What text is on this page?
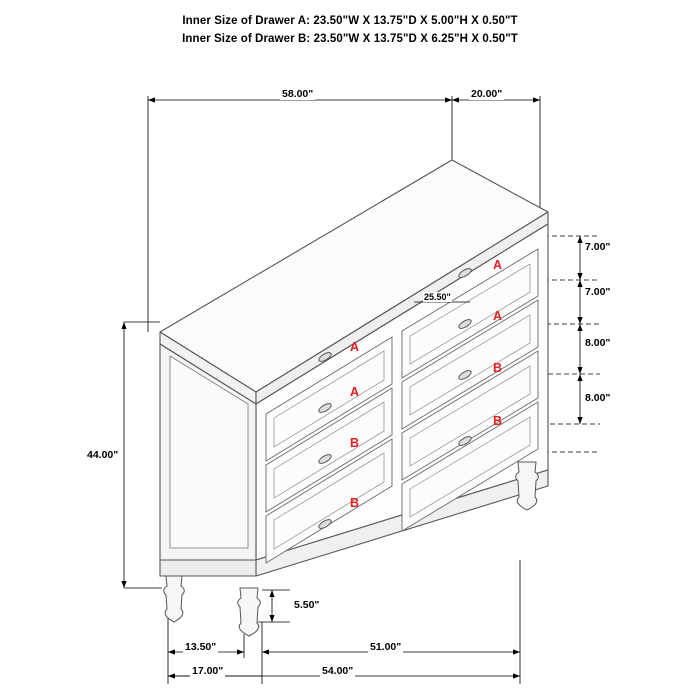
Inner Size of Drawer A: 23.50"W X 13.75"D X 5.00"H X 0.50"T
Inner Size of Drawer B: 23.50"W X 13.75"D X 6.25"H X 0.50"T
58.00"	20.00"
44.00"
7.00"
7.00"
8.00"
8.00"
5.50"
13.50"	51.00"
54.00"
17.00"
25.50"
A
A
B
B
A
A
B
B
